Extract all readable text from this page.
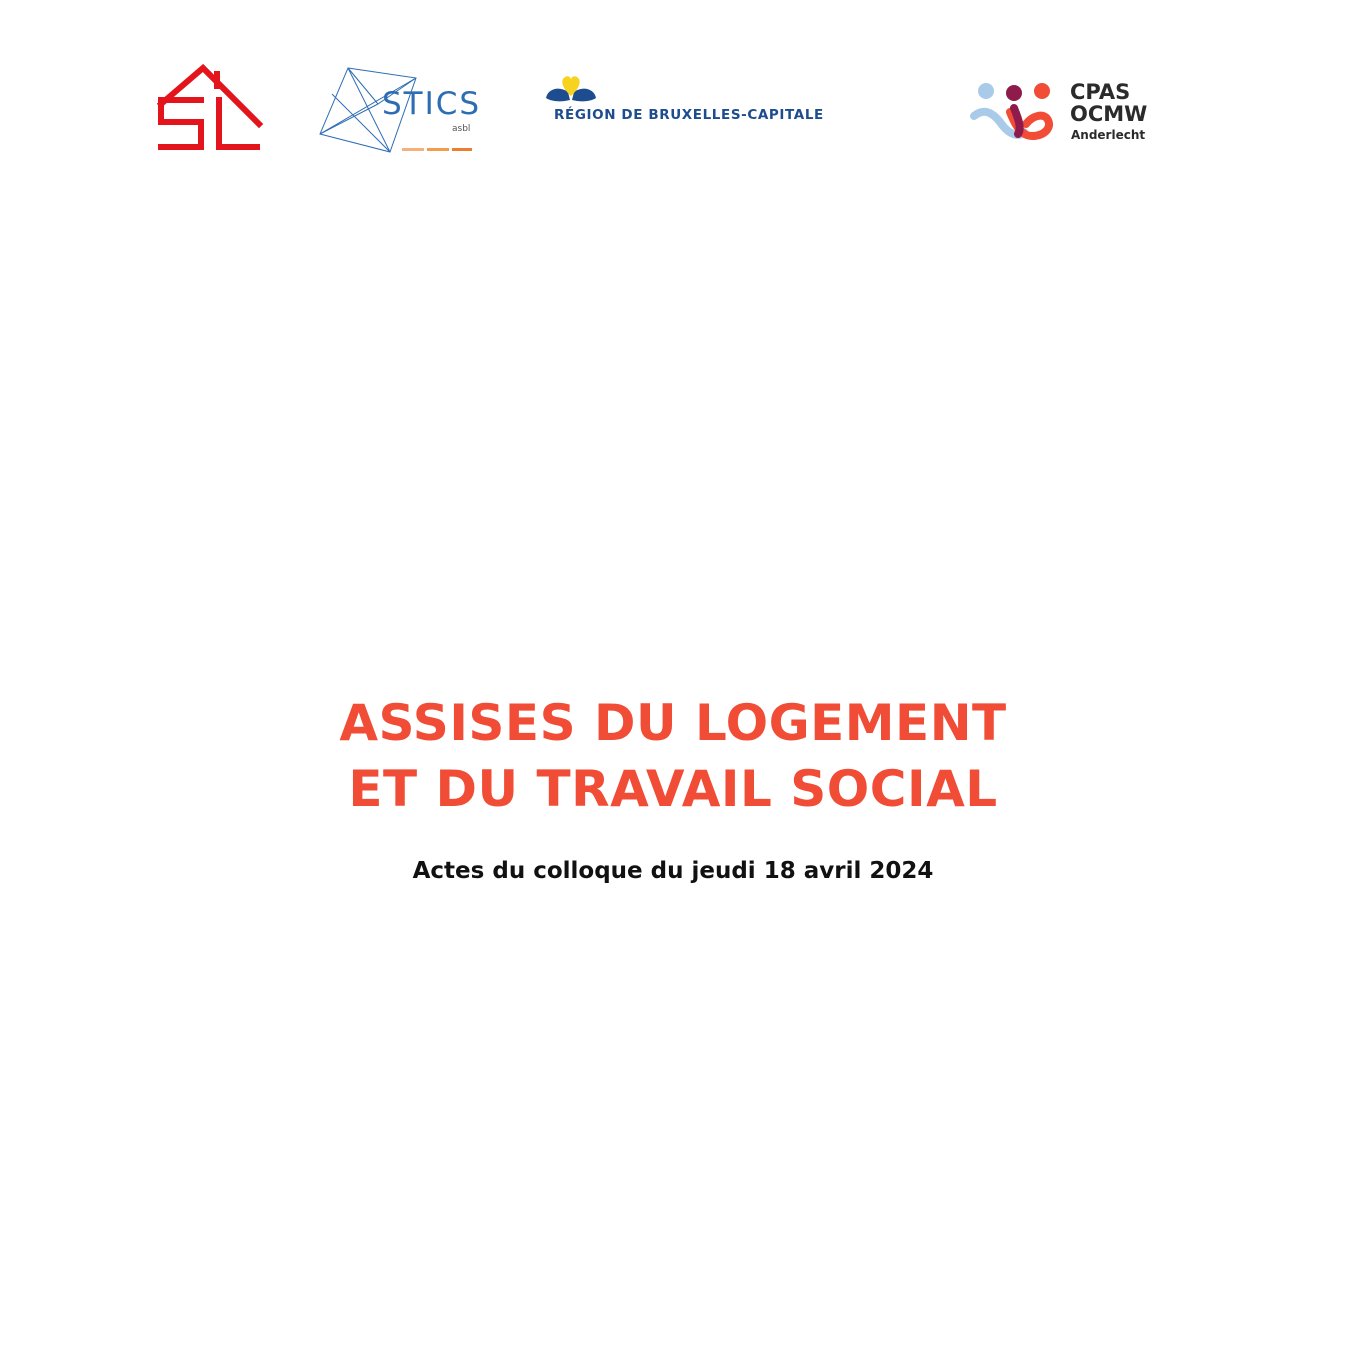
STICS
asbl
RÉGION DE BRUXELLES-CAPITALE
CPAS
OCMW
Anderlecht
ASSISES DU LOGEMENT
ET DU TRAVAIL SOCIAL

Actes du colloque du jeudi 18 avril 2024
